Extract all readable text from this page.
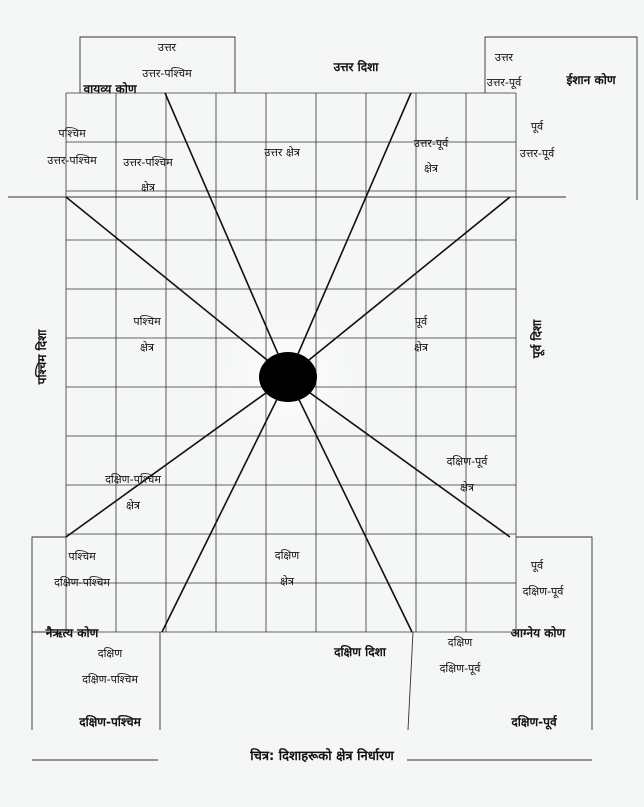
वायव्य कोण
ईशान कोण
नैऋत्य कोण	आग्नेय कोण
उत्तर दिशा
दक्षिण दिशा
पूर्व दिशा
पश्चिम दिशा
उत्तर
उत्तर-पश्चिम
उत्तर
उत्तर-पूर्व
पश्चिम
उत्तर-पश्चिम
पूर्व
उत्तर-पूर्व
पश्चिम
दक्षिण-पश्चिम
पूर्व
दक्षिण-पूर्व
दक्षिण
दक्षिण-पश्चिम
दक्षिण-पश्चिम
दक्षिण
दक्षिण-पूर्व
दक्षिण-पूर्व
उत्तर-पश्चिम
क्षेत्र
उत्तर क्षेत्र
उत्तर-पूर्व
क्षेत्र
पश्चिम
क्षेत्र
पूर्व
क्षेत्र
दक्षिण-पश्चिम
क्षेत्र
दक्षिण-पूर्व
क्षेत्र
दक्षिण
क्षेत्र
चित्र: दिशाहरूको क्षेत्र निर्धारण
